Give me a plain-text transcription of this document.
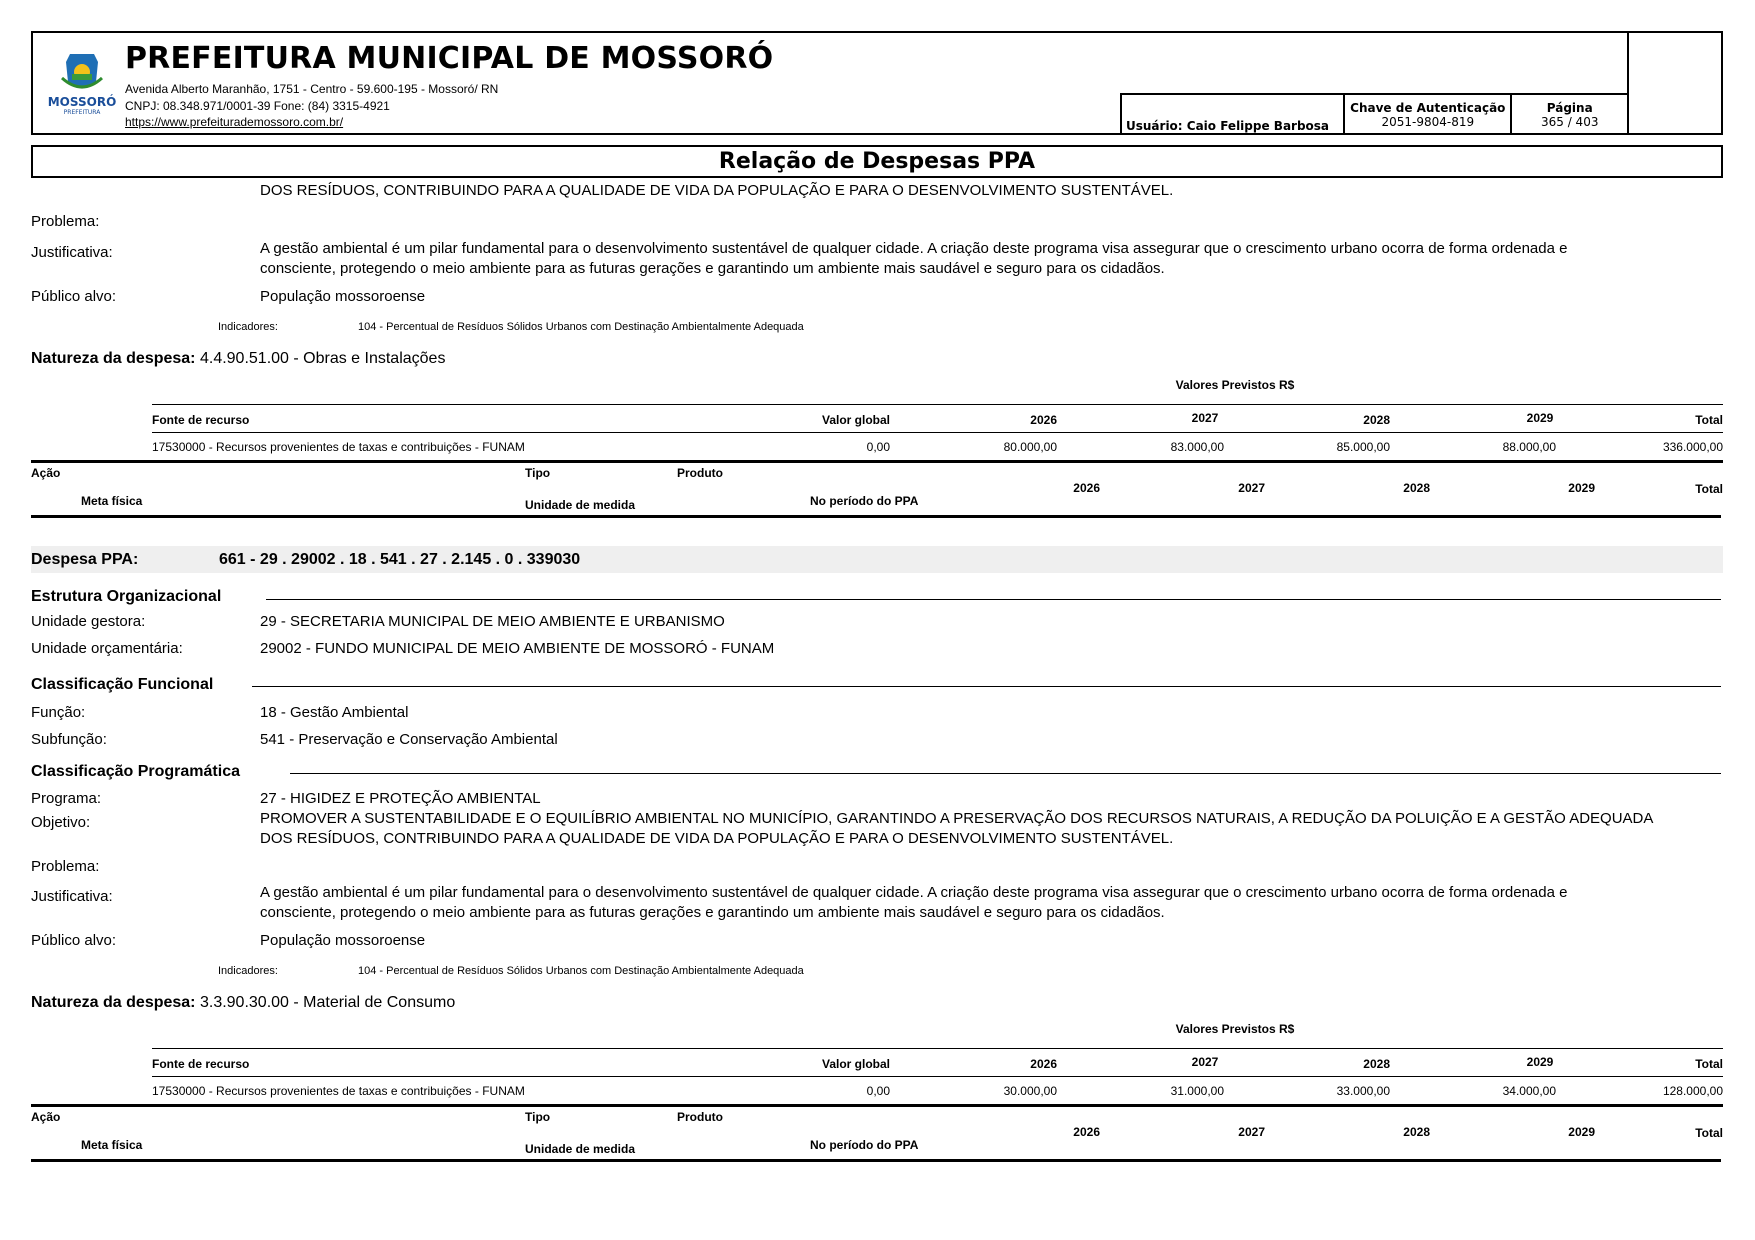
MOSSORÓ
PREFEITURA
PREFEITURA MUNICIPAL DE MOSSORÓ
Avenida Alberto Maranhão, 1751 - Centro - 59.600-195 - Mossoró/ RN
CNPJ: 08.348.971/0001-39 Fone: (84) 3315-4921
https://www.prefeiturademossoro.com.br/	Usuário: Caio Felippe Barbosa
Chave de Autenticação
2051-9804-819
Página
365 / 403
Relação de Despesas PPA
DOS RESÍDUOS, CONTRIBUINDO PARA A QUALIDADE DE VIDA DA POPULAÇÃO E PARA O DESENVOLVIMENTO SUSTENTÁVEL.
Problema:
Justificativa:	A gestão ambiental é um pilar fundamental para o desenvolvimento sustentável de qualquer cidade. A criação deste programa visa assegurar que o crescimento urbano ocorra de forma ordenada e
consciente, protegendo o meio ambiente para as futuras gerações e garantindo um ambiente mais saudável e seguro para os cidadãos.
Público alvo:	População mossoroense
Indicadores:	104 - Percentual de Resíduos Sólidos Urbanos com Destinação Ambientalmente Adequada
Natureza da despesa: 4.4.90.51.00 - Obras e Instalações
Valores Previstos R$
Fonte de recurso	Valor global	2026	2027	2028	2029	Total
17530000 - Recursos provenientes de taxas e contribuições - FUNAM	0,00	80.000,00	83.000,00	85.000,00	88.000,00	336.000,00
Ação	Tipo	Produto
Meta física	Unidade de medida	No período do PPA
2026	2027	2028	2029	Total
Despesa PPA:	661 - 29 . 29002 . 18 . 541 . 27 . 2.145 . 0 . 339030
Estrutura Organizacional
Unidade gestora:	29 - SECRETARIA MUNICIPAL DE MEIO AMBIENTE E URBANISMO
Unidade orçamentária:	29002 - FUNDO MUNICIPAL DE MEIO AMBIENTE DE MOSSORÓ - FUNAM
Classificação Funcional
Função:	18 - Gestão Ambiental
Subfunção:	541 - Preservação e Conservação Ambiental
Classificação Programática
Programa:	27 - HIGIDEZ E PROTEÇÃO AMBIENTAL
Objetivo:	PROMOVER A SUSTENTABILIDADE E O EQUILÍBRIO AMBIENTAL NO MUNICÍPIO, GARANTINDO A PRESERVAÇÃO DOS RECURSOS NATURAIS, A REDUÇÃO DA POLUIÇÃO E A GESTÃO ADEQUADA
DOS RESÍDUOS, CONTRIBUINDO PARA A QUALIDADE DE VIDA DA POPULAÇÃO E PARA O DESENVOLVIMENTO SUSTENTÁVEL.
Problema:
Justificativa:	A gestão ambiental é um pilar fundamental para o desenvolvimento sustentável de qualquer cidade. A criação deste programa visa assegurar que o crescimento urbano ocorra de forma ordenada e
consciente, protegendo o meio ambiente para as futuras gerações e garantindo um ambiente mais saudável e seguro para os cidadãos.
Público alvo:	População mossoroense
Indicadores:	104 - Percentual de Resíduos Sólidos Urbanos com Destinação Ambientalmente Adequada
Natureza da despesa: 3.3.90.30.00 - Material de Consumo
Valores Previstos R$
Fonte de recurso	Valor global	2026	2027	2028	2029	Total
17530000 - Recursos provenientes de taxas e contribuições - FUNAM	0,00	30.000,00	31.000,00	33.000,00	34.000,00	128.000,00
Ação	Tipo	Produto
Meta física	Unidade de medida	No período do PPA
2026	2027	2028	2029	Total
